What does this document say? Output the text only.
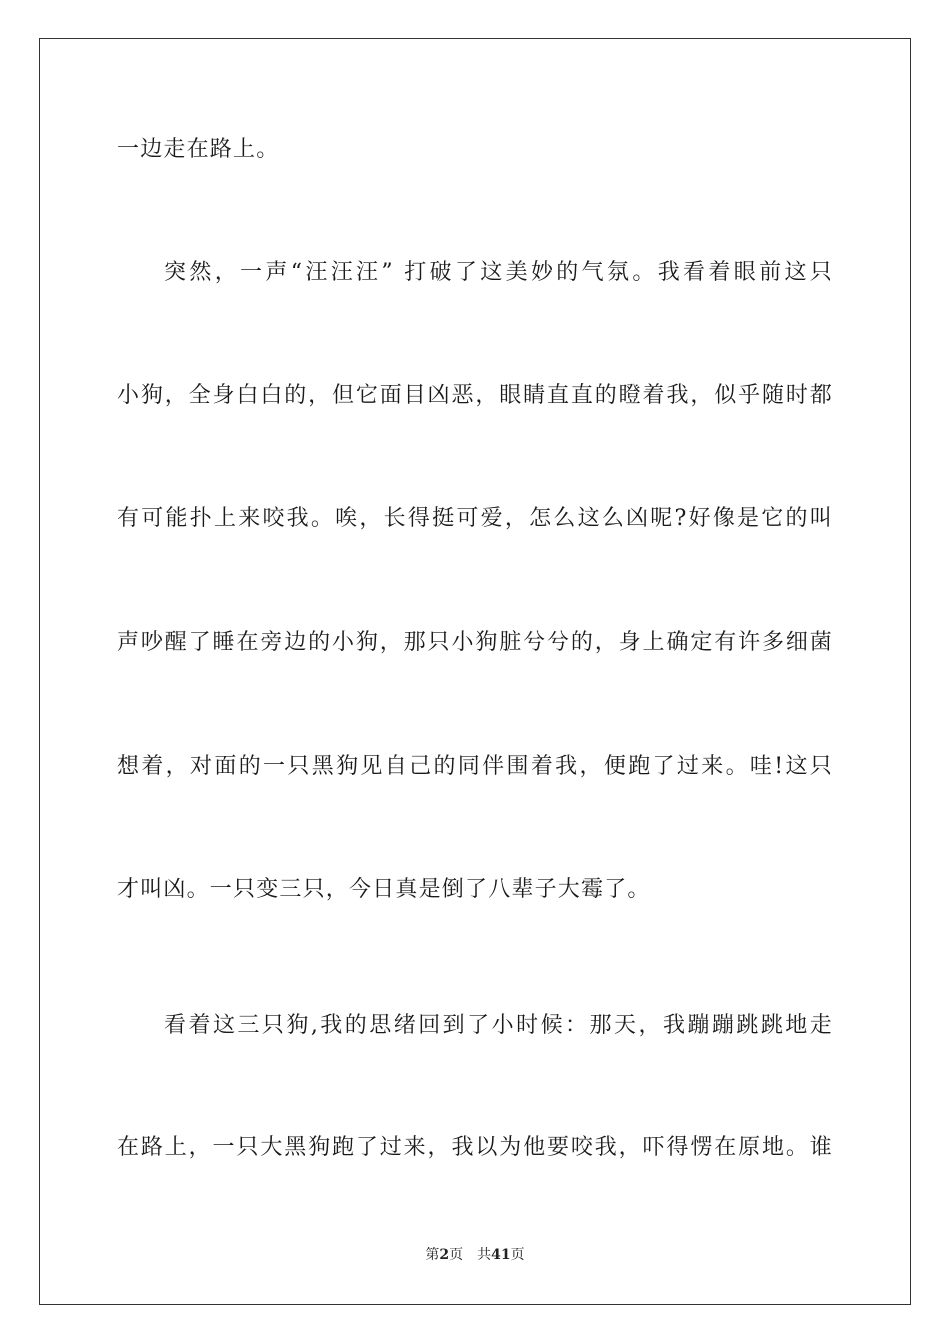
一边走在路上。
突然，一声“汪汪汪” 打破了这美妙的气氛。我看着眼前这只
小狗，全身白白的，但它面目凶恶，眼睛直直的瞪着我，似乎随时都
有可能扑上来咬我。唉，长得挺可爱，怎么这么凶呢?好像是它的叫
声吵醒了睡在旁边的小狗，那只小狗脏兮兮的，身上确定有许多细菌
想着，对面的一只黑狗见自己的同伴围着我，便跑了过来。哇!这只
才叫凶。一只变三只，今日真是倒了八辈子大霉了。
看着这三只狗,我的思绪回到了小时候：那天，我蹦蹦跳跳地走
在路上，一只大黑狗跑了过来，我以为他要咬我，吓得愣在原地。谁
第2页 共41页
